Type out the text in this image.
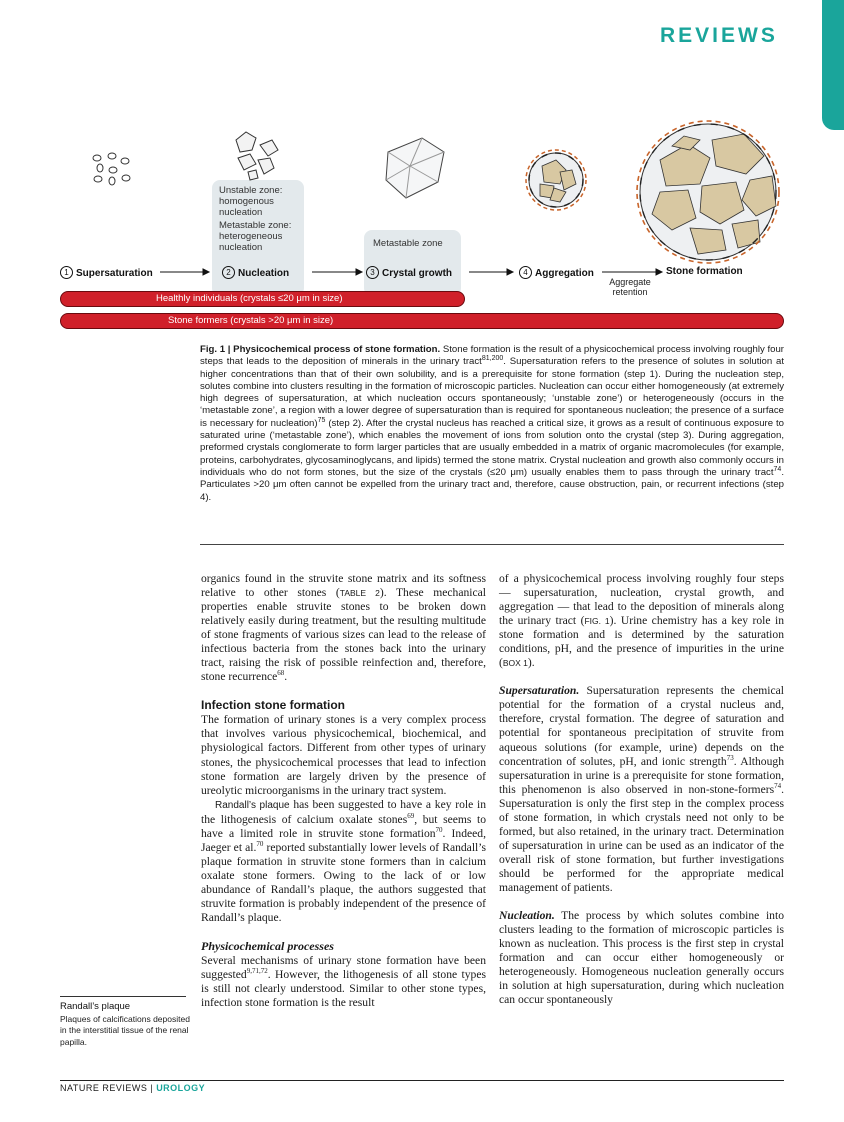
REVIEWS
Unstable zone:
homogenous
nucleation
Metastable zone:
heterogeneous
nucleation	Metastable zone
1 Supersaturation	2 Nucleation	3 Crystal growth	4 Aggregation
Aggregate
retention
Stone formation
Healthly individuals (crystals ≤20 μm in size)
Stone formers (crystals >20 μm in size)
Fig. 1 | Physicochemical process of stone formation. Stone formation is the result of a physicochemical process involving roughly four steps that leads to the deposition of minerals in the urinary tract$^{81,200}$. Supersaturation refers to the presence of solutes in solution at higher concentrations than that of their own solubility, and is a prerequisite for stone formation (step 1). During the nucleation step, solutes combine into clusters resulting in the formation of microscopic particles. Nucleation can occur either homogeneously (at extremely high degrees of supersaturation, at which nucleation occurs spontaneously; ‘unstable zone’) or heterogeneously (occurs in the ‘metastable zone’, a region with a lower degree of supersaturation than is required for spontaneous nucleation; the presence of a surface is necessary for nucleation)$^{75}$ (step 2). After the crystal nucleus has reached a critical size, it grows as a result of continuous exposure to saturated urine (‘metastable zone’), which enables the movement of ions from solution onto the crystal (step 3). During aggregation, preformed crystals conglomerate to form larger particles that are usually embedded in a matrix of organic macromolecules (for example, proteins, carbohydrates, glycosaminoglycans, and lipids) termed the stone matrix. Crystal nucleation and growth also commonly occurs in individuals who do not form stones, but the size of the crystals (≤20 μm) usually enables them to pass through the urinary tract$^{74}$. Particulates >20 μm often cannot be expelled from the urinary tract and, therefore, cause obstruction, pain, or recurrent infections (step 4).

organics found in the struvite stone matrix and its softness relative to other stones (TABLE 2). These mechanical properties enable struvite stones to be broken down relatively easily during treatment, but the resulting multitude of stone fragments of various sizes can lead to the release of infectious bacteria from the stones back into the urinary tract, raising the risk of possible reinfection and, therefore, stone recurrence$^{68}$.

Infection stone formation

The formation of urinary stones is a very complex process that involves various physicochemical, biochemical, and physiological factors. Different from other types of urinary stones, the physicochemical processes that lead to infection stone formation are largely driven by the presence of ureolytic microorganisms in the urinary tract system.

Randall’s plaque has been suggested to have a key role in the lithogenesis of calcium oxalate stones$^{69}$, but seems to have a limited role in struvite stone formation$^{70}$. Indeed, Jaeger et al.$^{70}$ reported substantially lower levels of Randall’s plaque formation in struvite stone formers than in calcium oxalate stone formers. Owing to the lack of or low abundance of Randall’s plaque, the authors suggested that struvite formation is probably independent of the presence of Randall’s plaque.

Physicochemical processes

Several mechanisms of urinary stone formation have been suggested$^{9,71,72}$. However, the lithogenesis of all stone types is still not clearly understood. Similar to other stone types, infection stone formation is the result

of a physicochemical process involving roughly four steps — supersaturation, nucleation, crystal growth, and aggregation — that lead to the deposition of minerals along the urinary tract (FIG. 1). Urine chemistry has a key role in stone formation and is determined by the saturation conditions, pH, and the presence of impurities in the urine (BOX 1).

Supersaturation. Supersaturation represents the chemical potential for the formation of a crystal nucleus and, therefore, crystal formation. The degree of saturation and potential for spontaneous precipitation of struvite from aqueous solutions (for example, urine) depends on the concentration of solutes, pH, and ionic strength$^{73}$. Although supersaturation in urine is a prerequisite for stone formation, this phenomenon is also observed in non-stone-formers$^{74}$. Supersaturation is only the first step in the complex process of stone formation, in which crystals need not only to be formed, but also retained, in the urinary tract. Determination of supersaturation in urine can be used as an indicator of the overall risk of stone formation, but further investigations should be performed for the appropriate medical management of patients.

Nucleation. The process by which solutes combine into clusters leading to the formation of microscopic particles is known as nucleation. This process is the first step in crystal formation and can occur either homogeneously or heterogeneously. Homogeneous nucleation generally occurs in solution at high supersaturation, during which nucleation can occur spontaneously

Randall’s plaque
Plaques of calcifications deposited in the interstitial tissue of the renal papilla.
NATURE REVIEWS | UROLOGY
